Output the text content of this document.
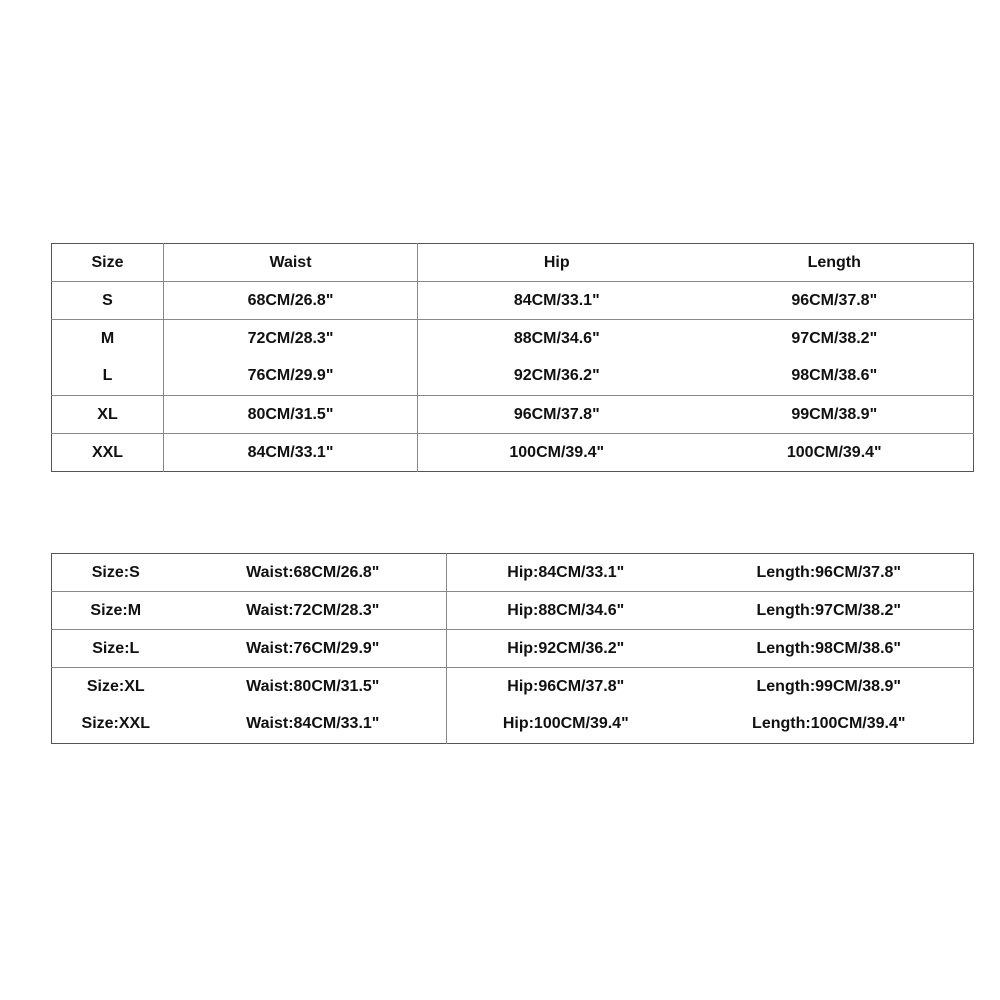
Size	Waist	Hip	Length
S	68CM/26.8"	84CM/33.1"	96CM/37.8"
M	72CM/28.3"	88CM/34.6"	97CM/38.2"
L	76CM/29.9"	92CM/36.2"	98CM/38.6"
XL	80CM/31.5"	96CM/37.8"	99CM/38.9"
XXL	84CM/33.1"	100CM/39.4"	100CM/39.4"
Size:S	Waist:68CM/26.8"	Hip:84CM/33.1"	Length:96CM/37.8"
Size:M	Waist:72CM/28.3"	Hip:88CM/34.6"	Length:97CM/38.2"
Size:L	Waist:76CM/29.9"	Hip:92CM/36.2"	Length:98CM/38.6"
Size:XL	Waist:80CM/31.5"	Hip:96CM/37.8"	Length:99CM/38.9"
Size:XXL	Waist:84CM/33.1"	Hip:100CM/39.4"	Length:100CM/39.4"
